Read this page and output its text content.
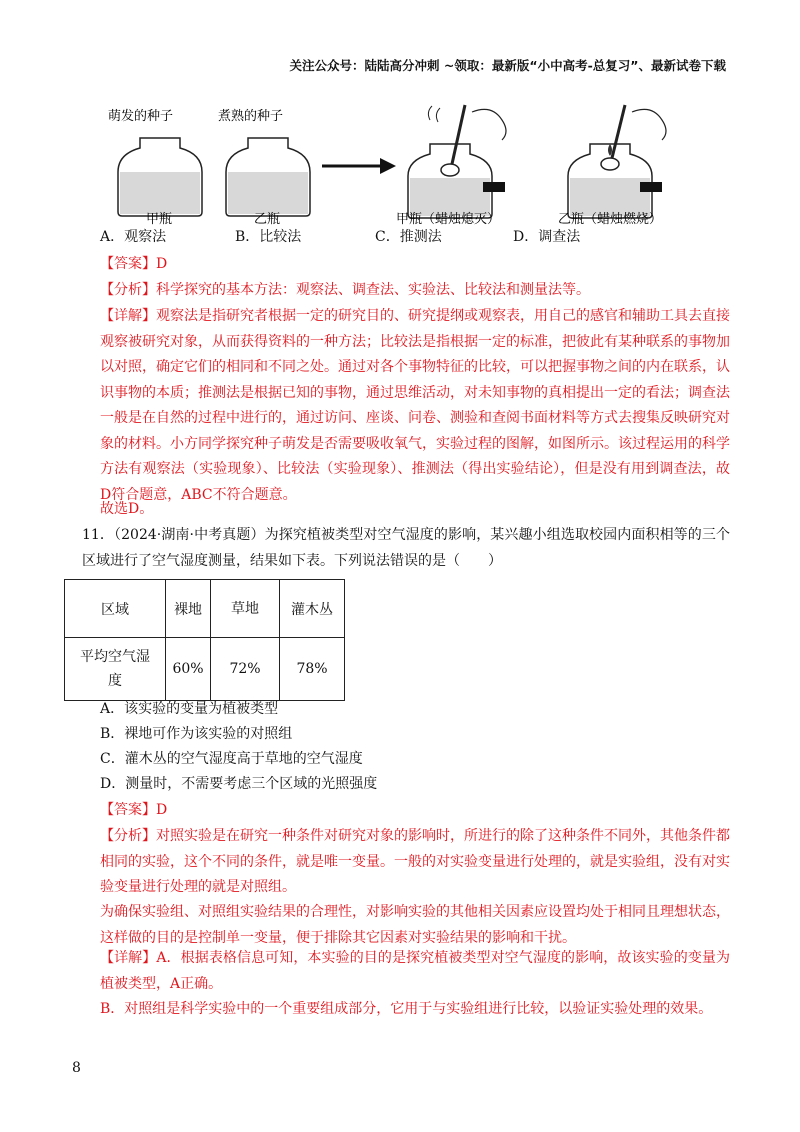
关注公众号：陆陆高分冲刺 ~领取：最新版“小中高考-总复习”、最新试卷下载
萌发的种子	煮熟的种子
甲瓶	乙瓶	甲瓶（蜡烛熄灭）	乙瓶（蜡烛燃烧）
A．观察法	B．比较法	C．推测法	D．调查法
【答案】D
【分析】科学探究的基本方法：观察法、调查法、实验法、比较法和测量法等。
【详解】观察法是指研究者根据一定的研究目的、研究提纲或观察表，用自己的感官和辅助工具去直接观察被研究对象，从而获得资料的一种方法；比较法是指根据一定的标准，把彼此有某种联系的事物加以对照，确定它们的相同和不同之处。通过对各个事物特征的比较，可以把握事物之间的内在联系，认识事物的本质；推测法是根据已知的事物，通过思维活动，对未知事物的真相提出一定的看法；调查法一般是在自然的过程中进行的，通过访问、座谈、问卷、测验和查阅书面材料等方式去搜集反映研究对象的材料。小方同学探究种子萌发是否需要吸收氧气，实验过程的图解，如图所示。该过程运用的科学方法有观察法（实验现象）、比较法（实验现象）、推测法（得出实验结论），但是没有用到调查法，故D符合题意，ABC不符合题意。
故选D。
11．（2024·湖南·中考真题）为探究植被类型对空气湿度的影响，某兴趣小组选取校园内面积相等的三个区域进行了空气湿度测量，结果如下表。下列说法错误的是（　　）
区域	裸地	草地	灌木丛
平均空气湿度	60%	72%	78%
A．该实验的变量为植被类型
B．裸地可作为该实验的对照组
C．灌木丛的空气湿度高于草地的空气湿度
D．测量时，不需要考虑三个区域的光照强度
【答案】D
【分析】对照实验是在研究一种条件对研究对象的影响时，所进行的除了这种条件不同外，其他条件都相同的实验，这个不同的条件，就是唯一变量。一般的对实验变量进行处理的，就是实验组，没有对实验变量进行处理的就是对照组。
为确保实验组、对照组实验结果的合理性，对影响实验的其他相关因素应设置均处于相同且理想状态，这样做的目的是控制单一变量，便于排除其它因素对实验结果的影响和干扰。
【详解】A．根据表格信息可知，本实验的目的是探究植被类型对空气湿度的影响，故该实验的变量为植被类型，A正确。
B．对照组是科学实验中的一个重要组成部分，它用于与实验组进行比较，以验证实验处理的效果。
8
